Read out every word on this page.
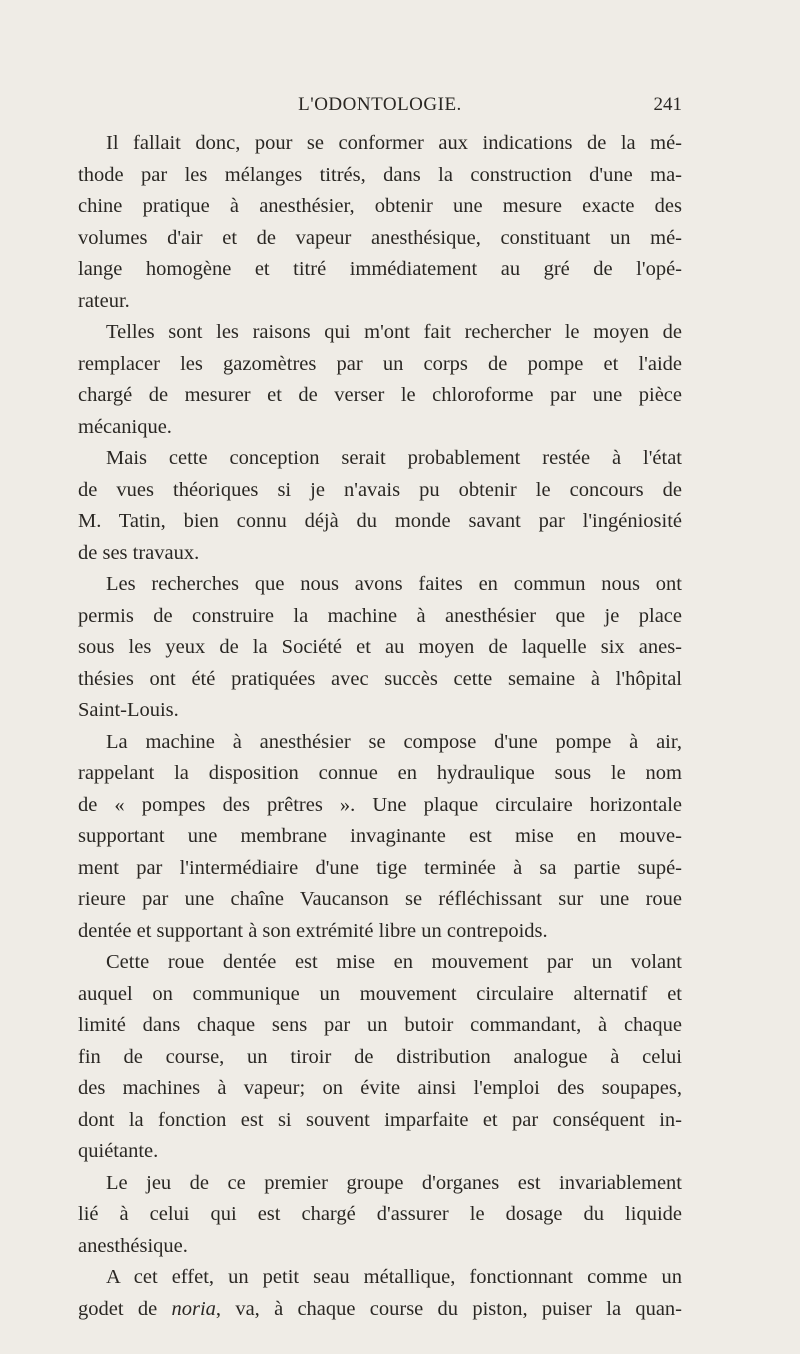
L'ODONTOLOGIE.	241
Il fallait donc, pour se conformer aux indications de la mé-
thode par les mélanges titrés, dans la construction d'une ma-
chine pratique à anesthésier, obtenir une mesure exacte des
volumes d'air et de vapeur anesthésique, constituant un mé-
lange homogène et titré immédiatement au gré de l'opé-
rateur.
Telles sont les raisons qui m'ont fait rechercher le moyen de
remplacer les gazomètres par un corps de pompe et l'aide
chargé de mesurer et de verser le chloroforme par une pièce
mécanique.
Mais cette conception serait probablement restée à l'état
de vues théoriques si je n'avais pu obtenir le concours de
M. Tatin, bien connu déjà du monde savant par l'ingéniosité
de ses travaux.
Les recherches que nous avons faites en commun nous ont
permis de construire la machine à anesthésier que je place
sous les yeux de la Société et au moyen de laquelle six anes-
thésies ont été pratiquées avec succès cette semaine à l'hôpital
Saint-Louis.
La machine à anesthésier se compose d'une pompe à air,
rappelant la disposition connue en hydraulique sous le nom
de « pompes des prêtres ». Une plaque circulaire horizontale
supportant une membrane invaginante est mise en mouve-
ment par l'intermédiaire d'une tige terminée à sa partie supé-
rieure par une chaîne Vaucanson se réfléchissant sur une roue
dentée et supportant à son extrémité libre un contrepoids.
Cette roue dentée est mise en mouvement par un volant
auquel on communique un mouvement circulaire alternatif et
limité dans chaque sens par un butoir commandant, à chaque
fin de course, un tiroir de distribution analogue à celui
des machines à vapeur; on évite ainsi l'emploi des soupapes,
dont la fonction est si souvent imparfaite et par conséquent in-
quiétante.
Le jeu de ce premier groupe d'organes est invariablement
lié à celui qui est chargé d'assurer le dosage du liquide
anesthésique.
A cet effet, un petit seau métallique, fonctionnant comme un
godet de noria, va, à chaque course du piston, puiser la quan-
